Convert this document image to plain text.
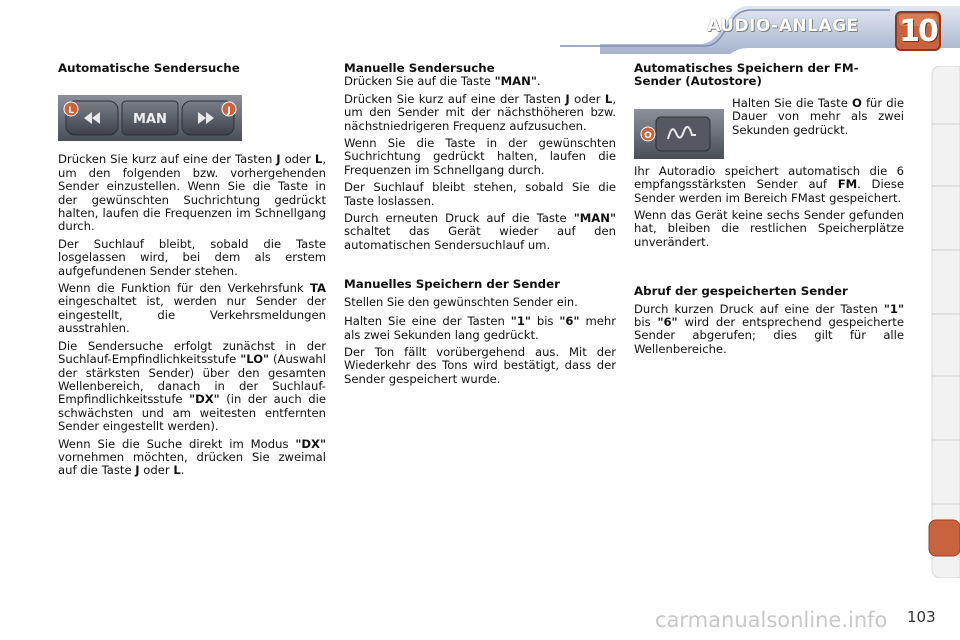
AUDIO-ANLAGE 10
Automatische Sendersuche
MAN
L	J

Drücken Sie kurz auf eine der Tasten J oder L, um den folgenden bzw. vorhergehenden Sender einzustellen. Wenn Sie die Taste in der gewünschten Suchrichtung gedrückt halten, laufen die Frequenzen im Schnellgang durch.

Der Suchlauf bleibt, sobald die Taste losgelassen wird, bei dem als erstem aufgefundenen Sender stehen.

Wenn die Funktion für den Verkehrsfunk TA eingeschaltet ist, werden nur Sender der eingestellt, die Verkehrsmeldungen ausstrahlen.

Die Sendersuche erfolgt zunächst in der Suchlauf-Empfindlichkeitsstufe "LO" (Auswahl der stärksten Sender) über den gesamten Wellenbereich, danach in der Suchlauf-Empfindlichkeitsstufe "DX" (in der auch die schwächsten und am weitesten entfernten Sender eingestellt werden).

Wenn Sie die Suche direkt im Modus "DX" vornehmen möchten, drücken Sie zweimal auf die Taste J oder L.

Manuelle Sendersuche

Drücken Sie auf die Taste "MAN".

Drücken Sie kurz auf eine der Tasten J oder L, um den Sender mit der nächsthöheren bzw. nächstniedrigeren Frequenz aufzusuchen.

Wenn Sie die Taste in der gewünschten Suchrichtung gedrückt halten, laufen die Frequenzen im Schnellgang durch.

Der Suchlauf bleibt stehen, sobald Sie die Taste loslassen.

Durch erneuten Druck auf die Taste "MAN" schaltet das Gerät wieder auf den automatischen Sendersuchlauf um.

Manuelles Speichern der Sender

Stellen Sie den gewünschten Sender ein.

Halten Sie eine der Tasten "1" bis "6" mehr als zwei Sekunden lang gedrückt.

Der Ton fällt vorübergehend aus. Mit der Wiederkehr des Tons wird bestätigt, dass der Sender gespeichert wurde.

Automatisches Speichern der FM-Sender (Autostore)
O

Halten Sie die Taste O für die Dauer von mehr als zwei Sekunden gedrückt.

Ihr Autoradio speichert automatisch die 6 empfangsstärksten Sender auf FM. Diese Sender werden im Bereich FMast gespeichert.

Wenn das Gerät keine sechs Sender gefunden hat, bleiben die restlichen Speicherplätze unverändert.

Abruf der gespeicherten Sender

Durch kurzen Druck auf eine der Tasten "1" bis "6" wird der entsprechend gespeicherte Sender abgerufen; dies gilt für alle Wellenbereiche.

carmanualsonline.info 103
